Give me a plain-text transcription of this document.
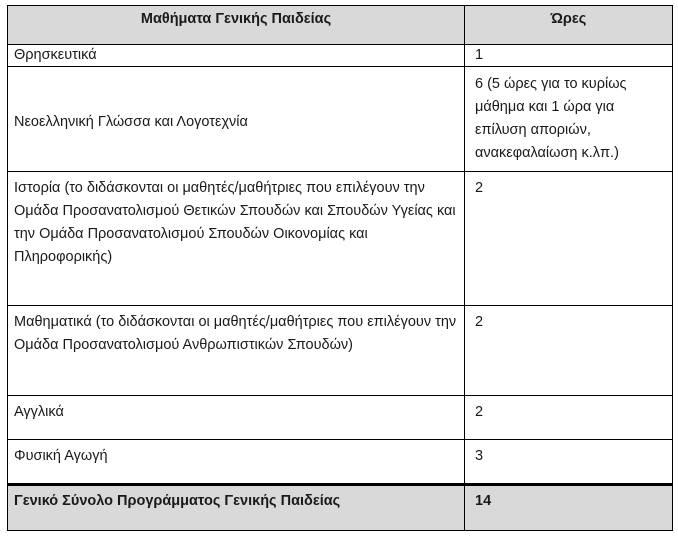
Μαθήματα Γενικής Παιδείας	Ώρες
Θρησκευτικά	1
Νεοελληνική Γλώσσα και Λογοτεχνία	6 (5 ώρες για το κυρίως μάθημα και 1 ώρα για επίλυση αποριών, ανακεφαλαίωση κ.λπ.)
Ιστορία (το διδάσκονται οι μαθητές/μαθήτριες που επιλέγουν την Ομάδα Προσανατολισμού Θετικών Σπουδών και Σπουδών Υγείας και την Ομάδα Προσανατολισμού Σπουδών Οικονομίας και Πληροφορικής)	2
Μαθηματικά (το διδάσκονται οι μαθητές/μαθήτριες που επιλέγουν την Ομάδα Προσανατολισμού Ανθρωπιστικών Σπουδών)	2
Αγγλικά	2
Φυσική Αγωγή	3
Γενικό Σύνολο Προγράμματος Γενικής Παιδείας	14
